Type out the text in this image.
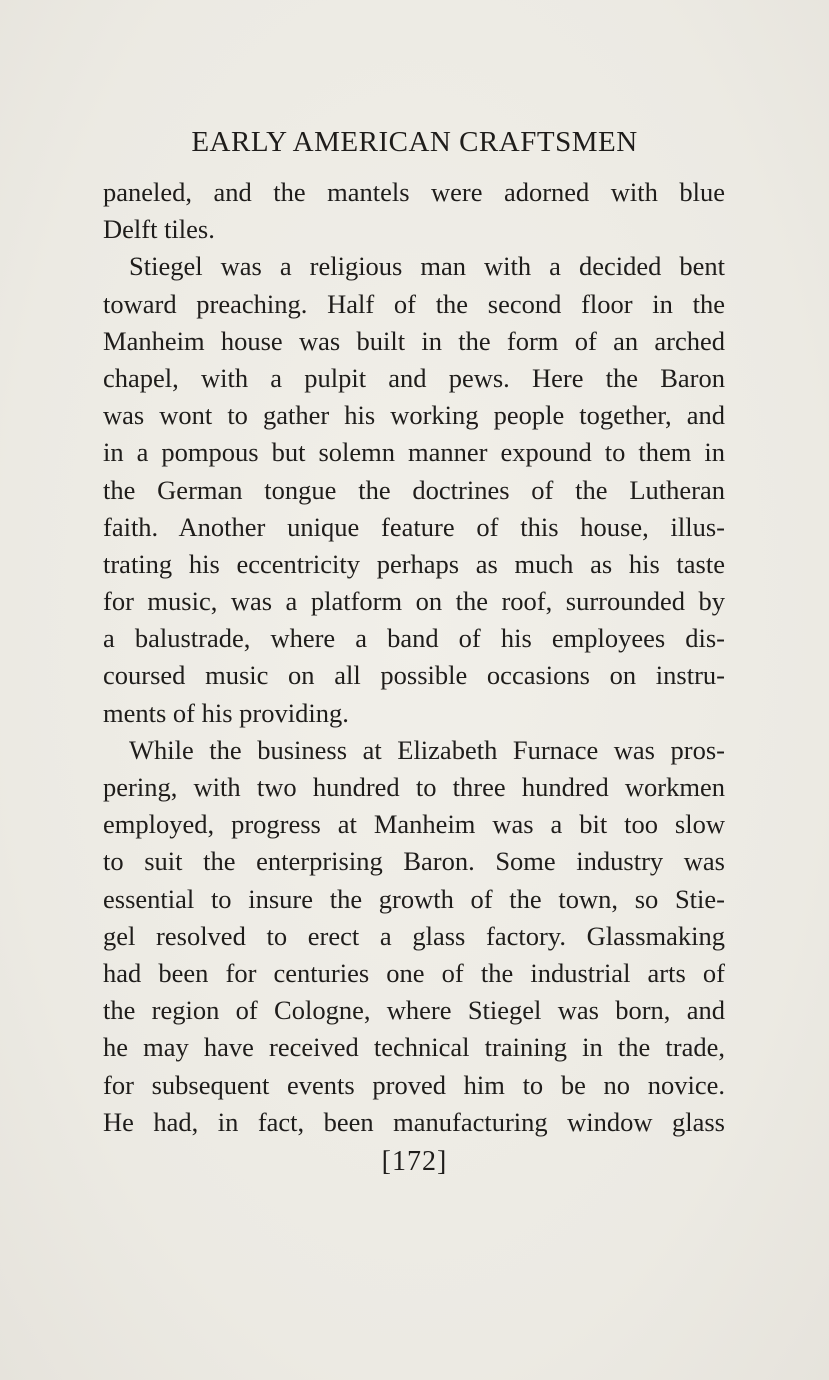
EARLY AMERICAN CRAFTSMEN
paneled, and the mantels were adorned with blue
Delft tiles.
Stiegel was a religious man with a decided bent
toward preaching. Half of the second floor in the
Manheim house was built in the form of an arched
chapel, with a pulpit and pews. Here the Baron
was wont to gather his working people together, and
in a pompous but solemn manner expound to them in
the German tongue the doctrines of the Lutheran
faith. Another unique feature of this house, illus-
trating his eccentricity perhaps as much as his taste
for music, was a platform on the roof, surrounded by
a balustrade, where a band of his employees dis-
coursed music on all possible occasions on instru-
ments of his providing.
While the business at Elizabeth Furnace was pros-
pering, with two hundred to three hundred workmen
employed, progress at Manheim was a bit too slow
to suit the enterprising Baron. Some industry was
essential to insure the growth of the town, so Stie-
gel resolved to erect a glass factory. Glassmaking
had been for centuries one of the industrial arts of
the region of Cologne, where Stiegel was born, and
he may have received technical training in the trade,
for subsequent events proved him to be no novice.
He had, in fact, been manufacturing window glass
[172]
